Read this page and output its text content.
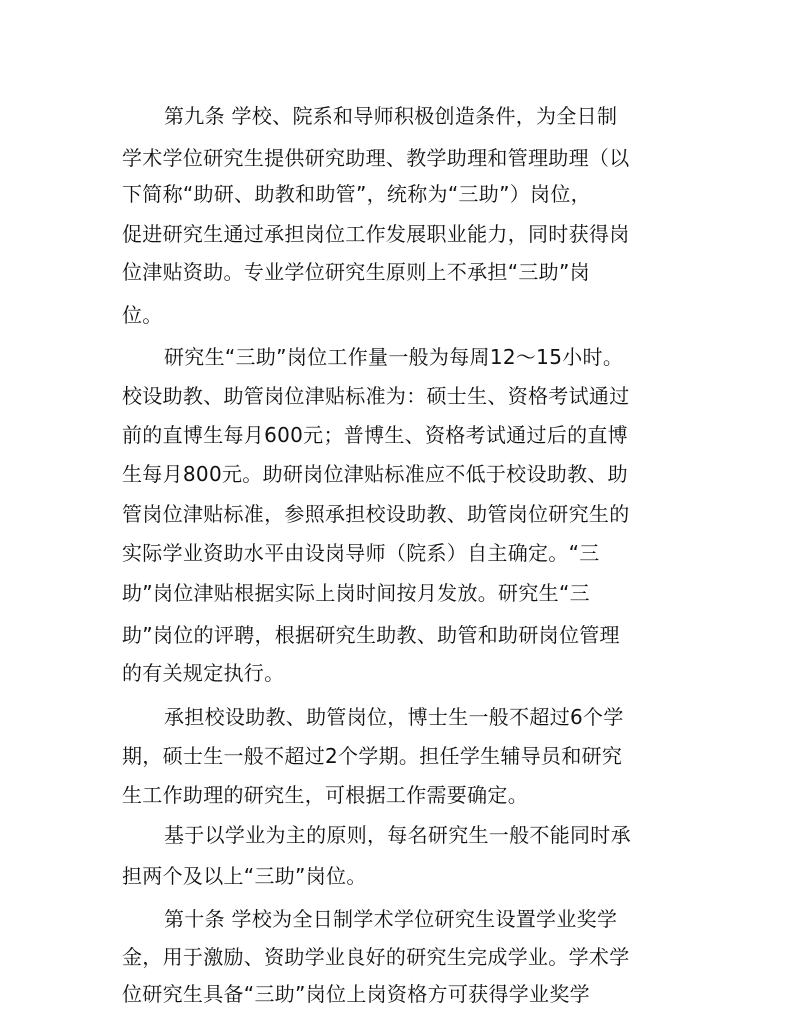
第九条 学校、院系和导师积极创造条件，为全日制
学术学位研究生提供研究助理、教学助理和管理助理（以
下简称“助研、助教和助管”，统称为“三助”）岗位，
促进研究生通过承担岗位工作发展职业能力，同时获得岗
位津贴资助。专业学位研究生原则上不承担“三助”岗
位。
研究生“三助”岗位工作量一般为每周12～15小时。
校设助教、助管岗位津贴标准为：硕士生、资格考试通过
前的直博生每月600元；普博生、资格考试通过后的直博
生每月800元。助研岗位津贴标准应不低于校设助教、助
管岗位津贴标准，参照承担校设助教、助管岗位研究生的
实际学业资助水平由设岗导师（院系）自主确定。“三
助”岗位津贴根据实际上岗时间按月发放。研究生“三
助”岗位的评聘，根据研究生助教、助管和助研岗位管理
的有关规定执行。
承担校设助教、助管岗位，博士生一般不超过6个学
期，硕士生一般不超过2个学期。担任学生辅导员和研究
生工作助理的研究生，可根据工作需要确定。
基于以学业为主的原则，每名研究生一般不能同时承
担两个及以上“三助”岗位。
第十条 学校为全日制学术学位研究生设置学业奖学
金，用于激励、资助学业良好的研究生完成学业。学术学
位研究生具备“三助”岗位上岗资格方可获得学业奖学
